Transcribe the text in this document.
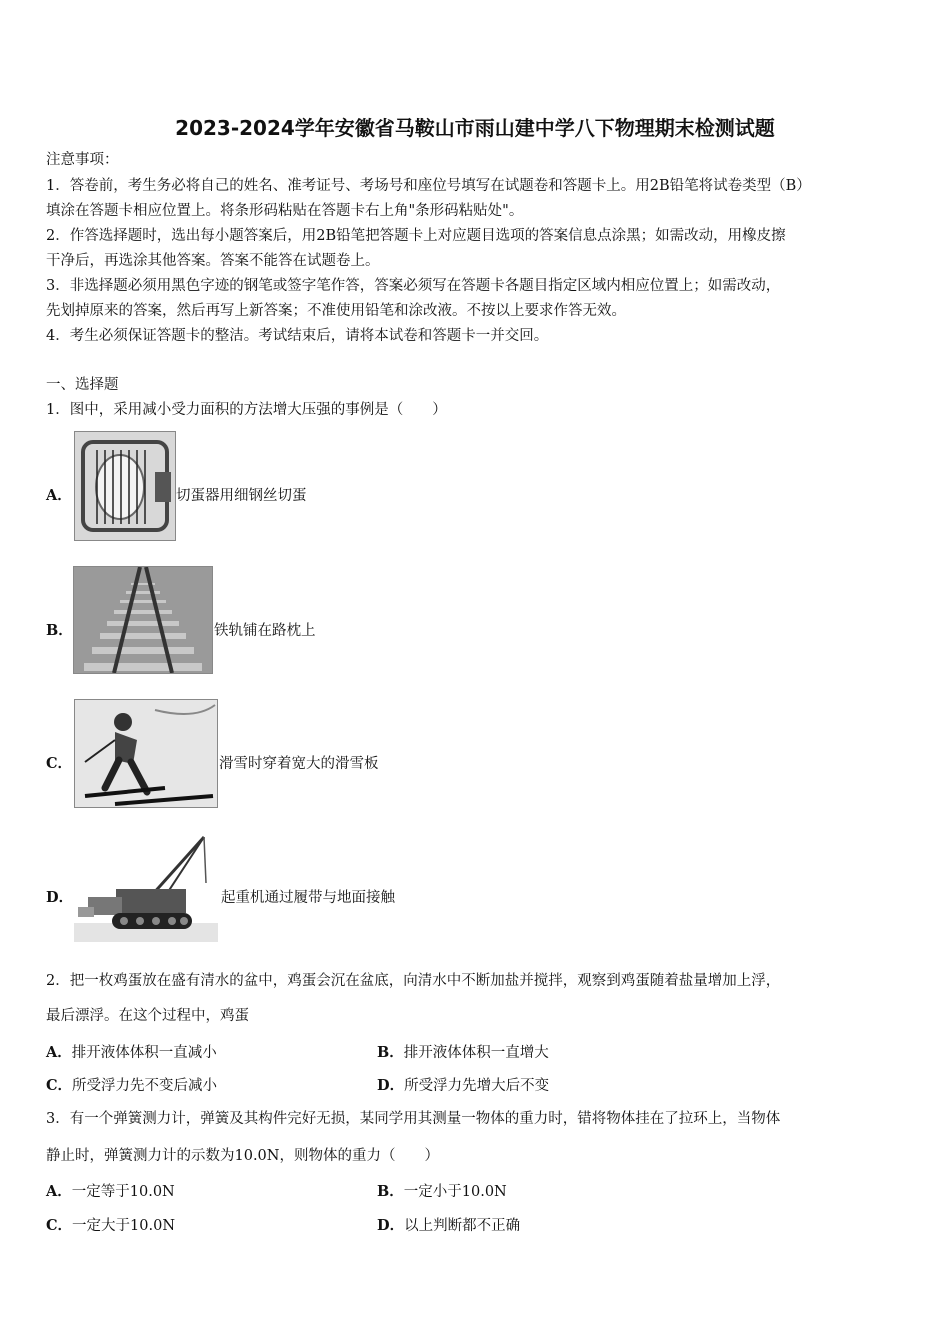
2023-2024学年安徽省马鞍山市雨山建中学八下物理期末检测试题
注意事项：
1．答卷前，考生务必将自己的姓名、准考证号、考场号和座位号填写在试题卷和答题卡上。用2B铅笔将试卷类型（B）
填涂在答题卡相应位置上。将条形码粘贴在答题卡右上角"条形码粘贴处"。
2．作答选择题时，选出每小题答案后，用2B铅笔把答题卡上对应题目选项的答案信息点涂黑；如需改动，用橡皮擦
干净后，再选涂其他答案。答案不能答在试题卷上。
3．非选择题必须用黑色字迹的钢笔或签字笔作答，答案必须写在答题卡各题目指定区域内相应位置上；如需改动，
先划掉原来的答案，然后再写上新答案；不准使用铅笔和涂改液。不按以上要求作答无效。
4．考生必须保证答题卡的整洁。考试结束后，请将本试卷和答题卡一并交回。
一、选择题
1．图中，采用减小受力面积的方法增大压强的事例是（　　）
A．	切蛋器用细钢丝切蛋
B．	铁轨铺在路枕上
C．	滑雪时穿着宽大的滑雪板
D．	起重机通过履带与地面接触
2．把一枚鸡蛋放在盛有清水的盆中，鸡蛋会沉在盆底，向清水中不断加盐并搅拌，观察到鸡蛋随着盐量增加上浮，
最后漂浮。在这个过程中，鸡蛋
A．排开液体体积一直减小	B．排开液体体积一直增大
C．所受浮力先不变后减小	D．所受浮力先增大后不变
3．有一个弹簧测力计，弹簧及其构件完好无损，某同学用其测量一物体的重力时，错将物体挂在了拉环上，当物体
静止时，弹簧测力计的示数为10.0N，则物体的重力（　　）
A．一定等于10.0N	B．一定小于10.0N
C．一定大于10.0N	D．以上判断都不正确
